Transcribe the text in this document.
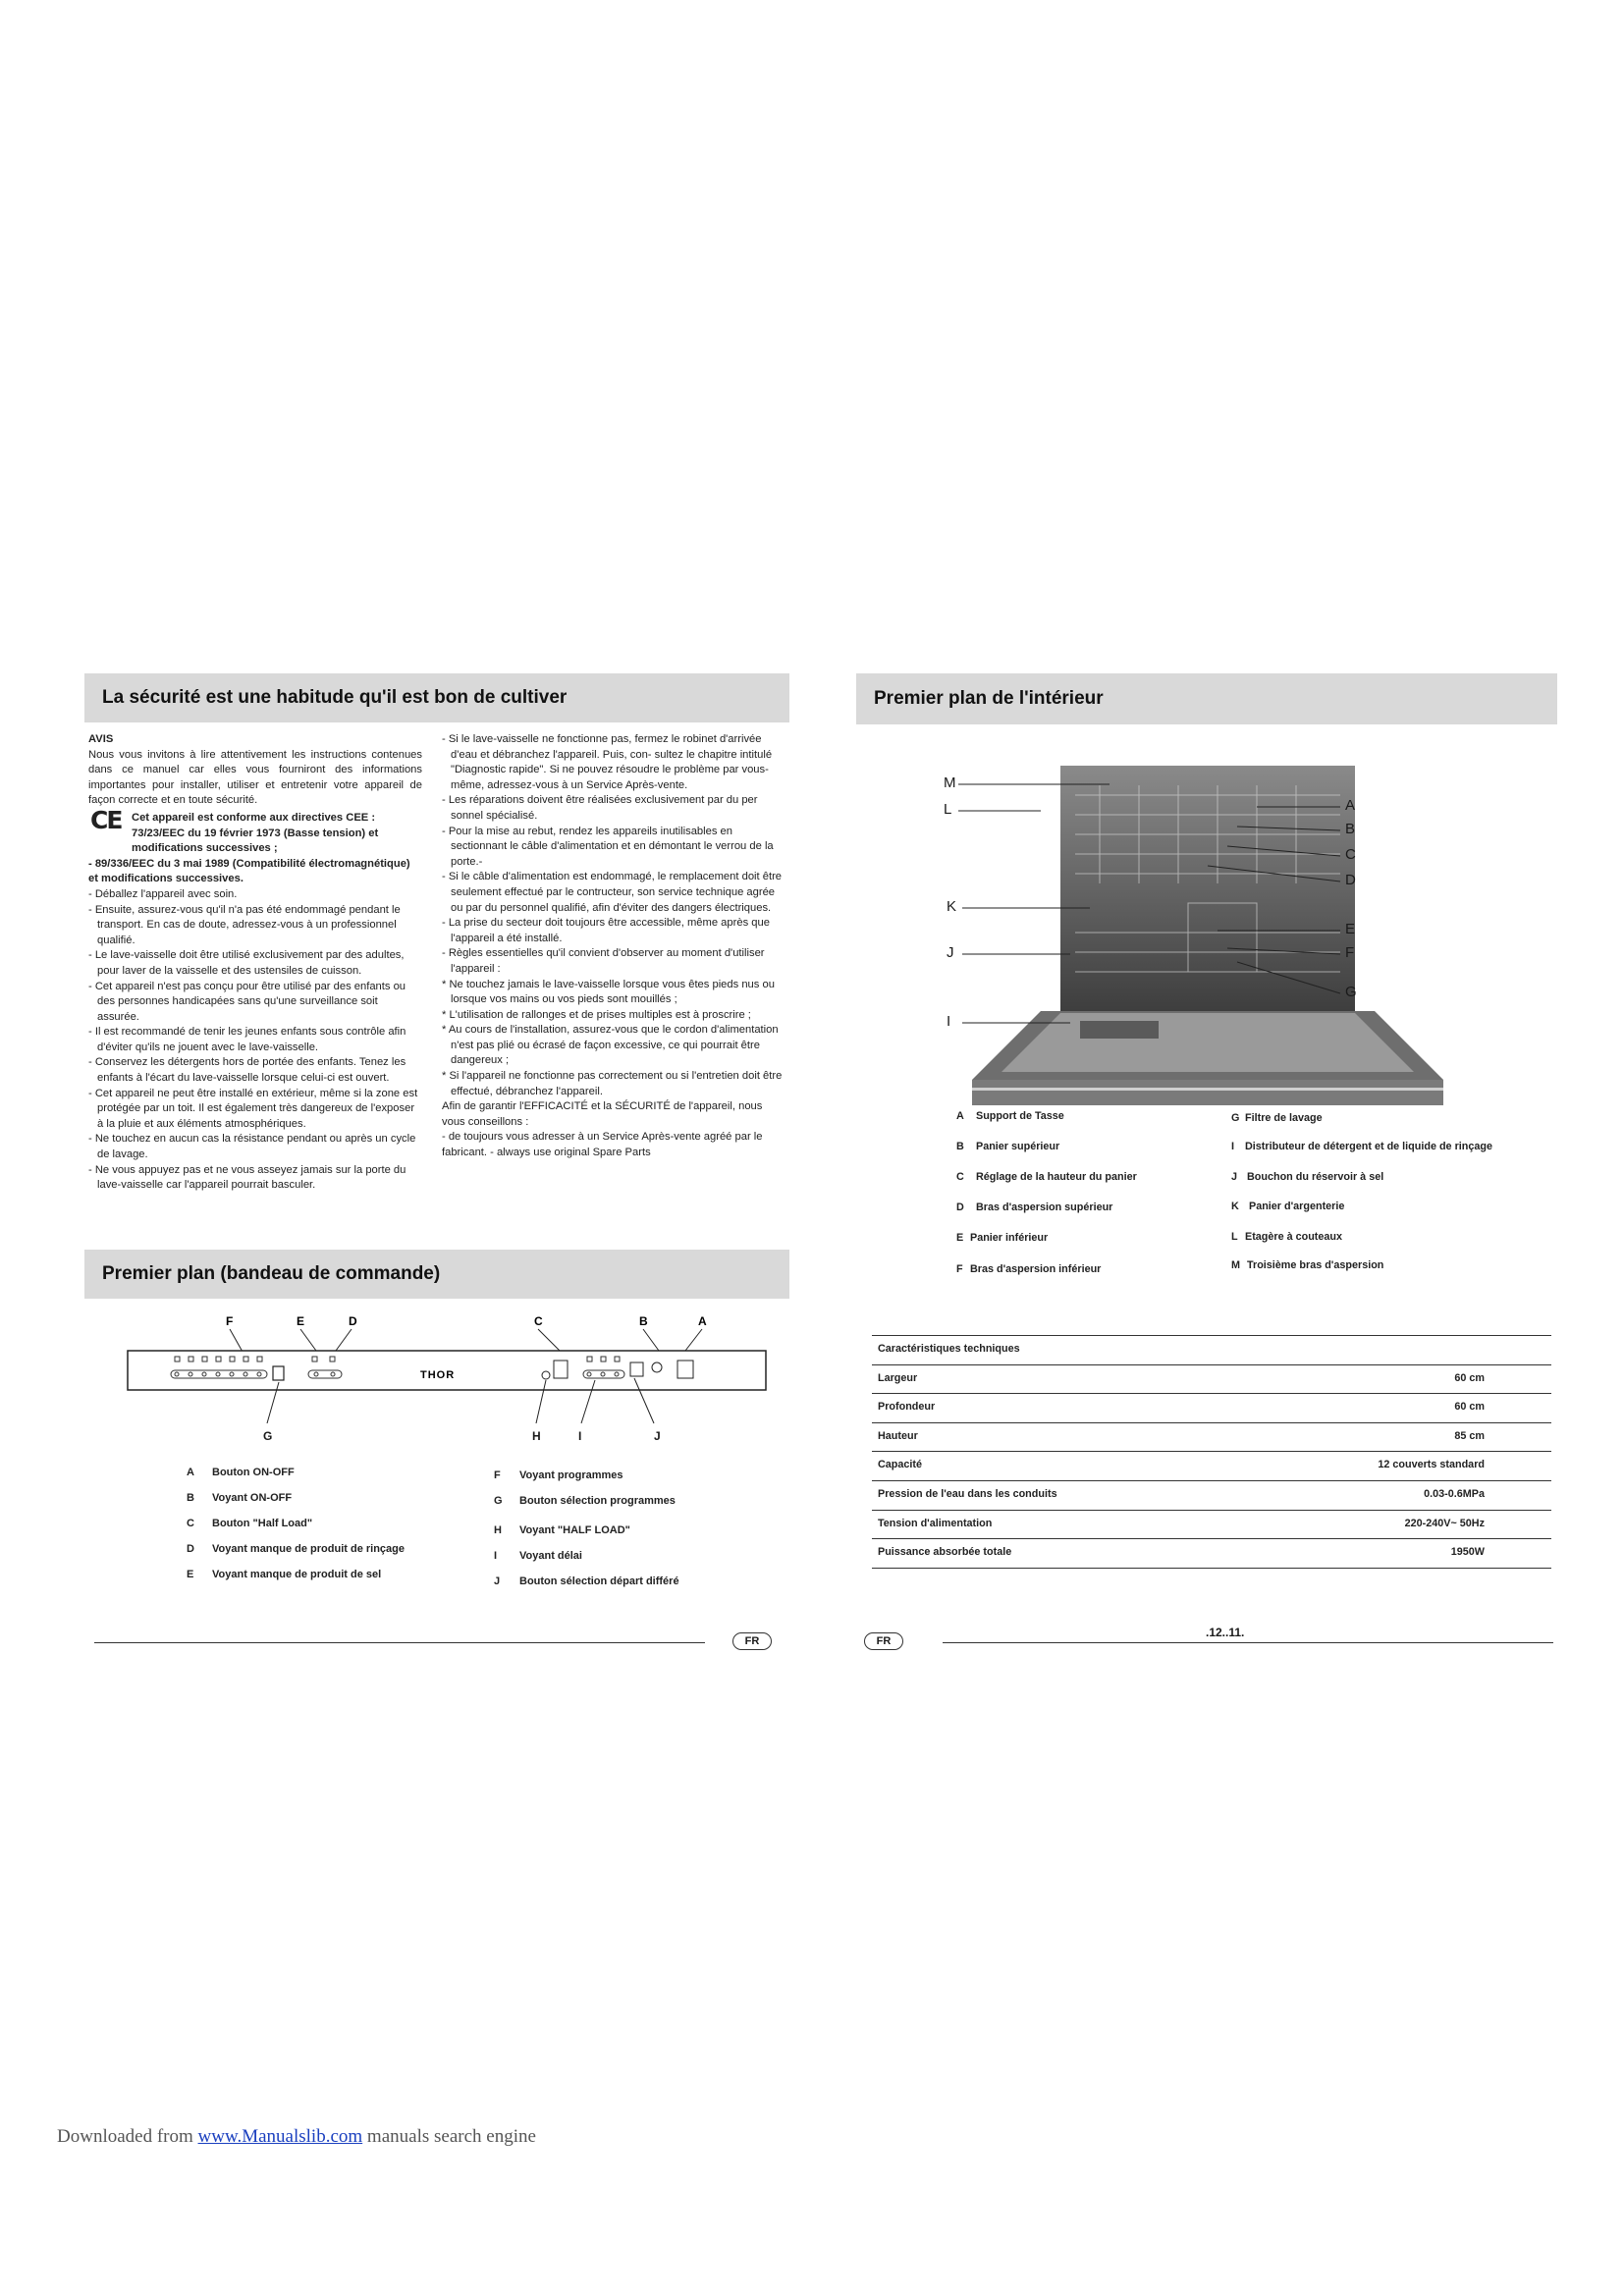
La sécurité est une habitude qu'il est bon de cultiver

AVIS

Nous vous invitons à lire attentivement les instructions contenues dans ce manuel car elles vous fourniront des informations importantes pour installer, utiliser et entretenir votre appareil de façon correcte et en toute sécurité.

CE Cet appareil est conforme aux directives CEE :

73/23/EEC du 19 février 1973 (Basse tension) et modifications successives ;

- 89/336/EEC du 3 mai 1989 (Compatibilité électromagnétique) et modifications successives.

- Déballez l'appareil avec soin.

- Ensuite, assurez-vous qu'il n'a pas été endommagé pendant le transport. En cas de doute, adressez-vous à un professionnel qualifié.

- Le lave-vaisselle doit être utilisé exclusivement par des adultes, pour laver de la vaisselle et des ustensiles de cuisson.

- Cet appareil n'est pas conçu pour être utilisé par des enfants ou des personnes handicapées sans qu'une surveillance soit assurée.

- Il est recommandé de tenir les jeunes enfants sous contrôle afin d'éviter qu'ils ne jouent avec le lave-vaisselle.

- Conservez les détergents hors de portée des enfants. Tenez les enfants à l'écart du lave-vaisselle lorsque celui-ci est ouvert.

- Cet appareil ne peut être installé en extérieur, même si la zone est protégée par un toit. Il est également très dangereux de l'exposer à la pluie et aux éléments atmosphériques.

- Ne touchez en aucun cas la résistance pendant ou après un cycle de lavage.

- Ne vous appuyez pas et ne vous asseyez jamais sur la porte du lave-vaisselle car l'appareil pourrait basculer.

- Si le lave-vaisselle ne fonctionne pas, fermez le robinet d'arrivée d'eau et débranchez l'appareil. Puis, con- sultez le chapitre intitulé "Diagnostic rapide". Si ne pouvez résoudre le problème par vous-même, adressez-vous à un Service Après-vente.

- Les réparations doivent être réalisées exclusivement par du per sonnel spécialisé.

- Pour la mise au rebut, rendez les appareils inutilisables en sectionnant le câble d'alimentation et en démontant le verrou de la porte.-

- Si le câble d'alimentation est endommagé, le remplacement doit être seulement effectué par le contructeur, son service technique agrée ou par du personnel qualifié, afin d'éviter des dangers électriques.

- La prise du secteur doit toujours être accessible, même après que l'appareil a été installé.

- Règles essentielles qu'il convient d'observer au moment d'utiliser l'appareil :

* Ne touchez jamais le lave-vaisselle lorsque vous êtes pieds nus ou lorsque vos mains ou vos pieds sont mouillés ;

* L'utilisation de rallonges et de prises multiples est à proscrire ;

* Au cours de l'installation, assurez-vous que le cordon d'alimentation n'est pas plié ou écrasé de façon excessive, ce qui pourrait être dangereux ;

* Si l'appareil ne fonctionne pas correctement ou si l'entretien doit être effectué, débranchez l'appareil.

Afin de garantir l'EFFICACITÉ et la SÉCURITÉ de l'appareil, nous vous conseillons :

- de toujours vous adresser à un Service Après-vente agréé par le fabricant. - always use original Spare Parts

Premier plan (bandeau de commande)
F	E	D	C	B	A
THOR
G	H	I	J
A Bouton ON-OFF
B Voyant ON-OFF
C Bouton "Half Load"
D Voyant manque de produit de rinçage
E Voyant manque de produit de sel
F Voyant programmes
G Bouton sélection programmes
H Voyant "HALF LOAD"
I Voyant délai
J Bouton sélection départ différé
FR
Premier plan de l'intérieur
M
L
K
J
I
A
B
C
D
E
F
G
A Support de Tasse
B Panier supérieur
C Réglage de la hauteur du panier
D Bras d'aspersion supérieur
E Panier inférieur
F Bras d'aspersion inférieur
G Filtre de lavage
I Distributeur de détergent et de liquide de rinçage
J Bouchon du réservoir à sel
K Panier d'argenterie
L Etagère à couteaux
M Troisième bras d'aspersion
Caractéristiques techniques
Largeur	60 cm
Profondeur	60 cm
Hauteur	85 cm
Capacité	12 couverts standard
Pression de l'eau dans les conduits	0.03-0.6MPa
Tension d'alimentation	220-240V~ 50Hz
Puissance absorbée totale	1950W
FR
.12..11.
Downloaded from www.Manualslib.com manuals search engine
